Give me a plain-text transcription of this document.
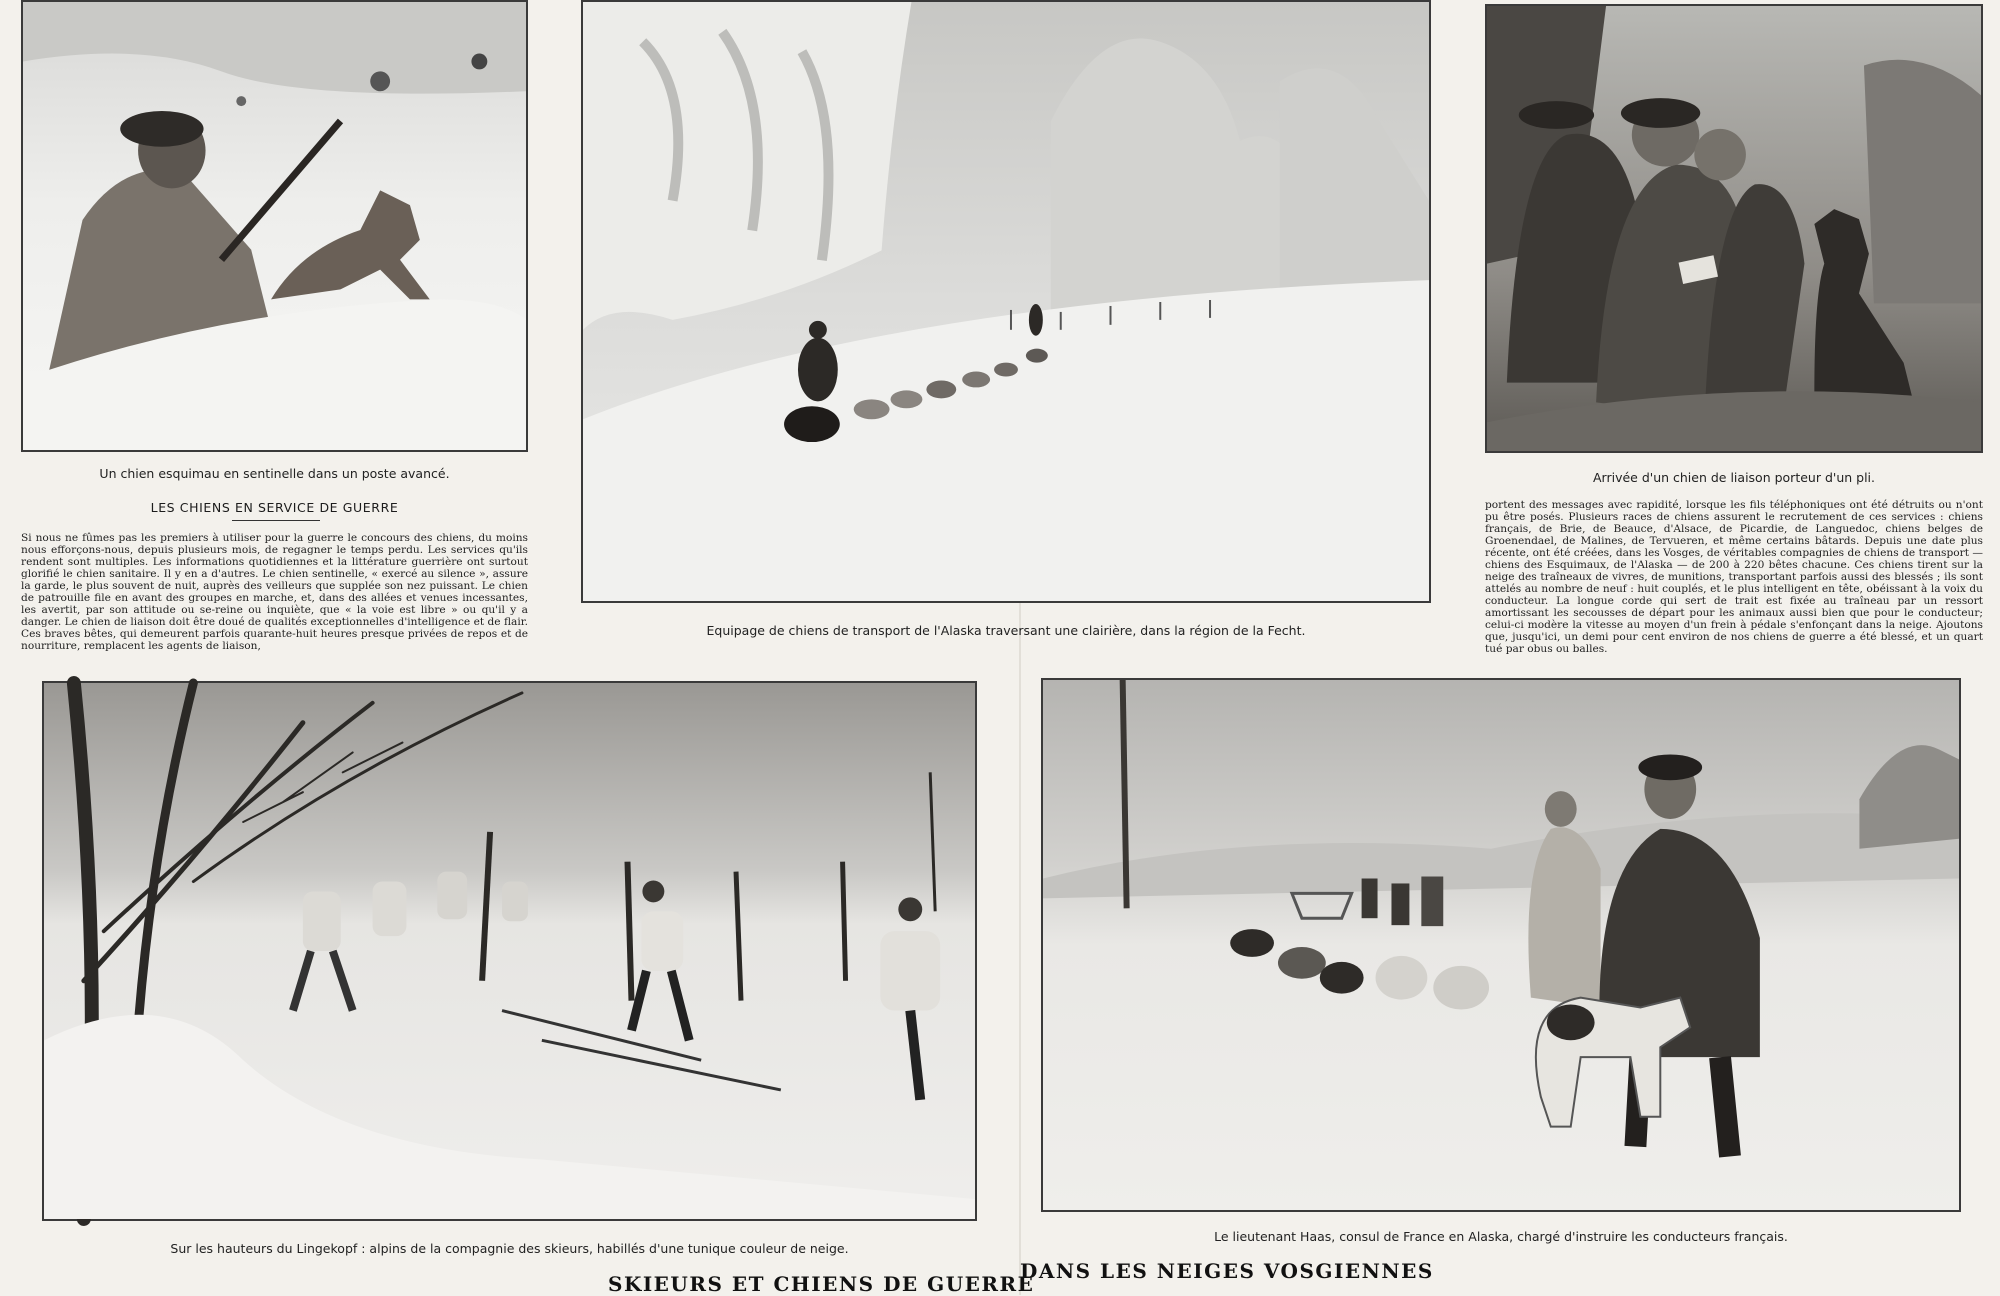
Un chien esquimau en sentinelle dans un poste avancé.
LES CHIENS EN SERVICE DE GUERRE
Si nous ne fûmes pas les premiers à utiliser pour la guerre le concours des chiens, du moins nous efforçons-nous, depuis plusieurs mois, de regagner le temps perdu. Les services qu'ils rendent sont multiples. Les informations quotidiennes et la littérature guerrière ont surtout glorifié le chien sanitaire. Il y en a d'autres. Le chien sentinelle, « exercé au silence », assure la garde, le plus souvent de nuit, auprès des veilleurs que supplée son nez puissant. Le chien de patrouille file en avant des groupes en marche, et, dans des allées et venues incessantes, les avertit, par son attitude ou se-reine ou inquiète, que « la voie est libre » ou qu'il y a danger. Le chien de liaison doit être doué de qualités exceptionnelles d'intelligence et de flair. Ces braves bêtes, qui demeurent parfois quarante-huit heures presque privées de repos et de nourriture, remplacent les agents de liaison,
Equipage de chiens de transport de l'Alaska traversant une clairière, dans la région de la Fecht.
Arrivée d'un chien de liaison porteur d'un pli.
portent des messages avec rapidité, lorsque les fils téléphoniques ont été détruits ou n'ont pu être posés. Plusieurs races de chiens assurent le recrutement de ces services : chiens français, de Brie, de Beauce, d'Alsace, de Picardie, de Languedoc, chiens belges de Groenendael, de Malines, de Tervueren, et même certains bâtards. Depuis une date plus récente, ont été créées, dans les Vosges, de véritables compagnies de chiens de transport — chiens des Esquimaux, de l'Alaska — de 200 à 220 bêtes chacune. Ces chiens tirent sur la neige des traîneaux de vivres, de munitions, transportant parfois aussi des blessés ; ils sont attelés au nombre de neuf : huit couplés, et le plus intelligent en tête, obéissant à la voix du conducteur. La longue corde qui sert de trait est fixée au traîneau par un ressort amortissant les secousses de départ pour les animaux aussi bien que pour le conducteur; celui-ci modère la vitesse au moyen d'un frein à pédale s'enfonçant dans la neige. Ajoutons que, jusqu'ici, un demi pour cent environ de nos chiens de guerre a été blessé, et un quart tué par obus ou balles.
Sur les hauteurs du Lingekopf : alpins de la compagnie des skieurs, habillés d'une tunique couleur de neige.
Le lieutenant Haas, consul de France en Alaska, chargé d'instruire les conducteurs français.
SKIEURS ET CHIENS DE GUERRE
DANS LES NEIGES VOSGIENNES
